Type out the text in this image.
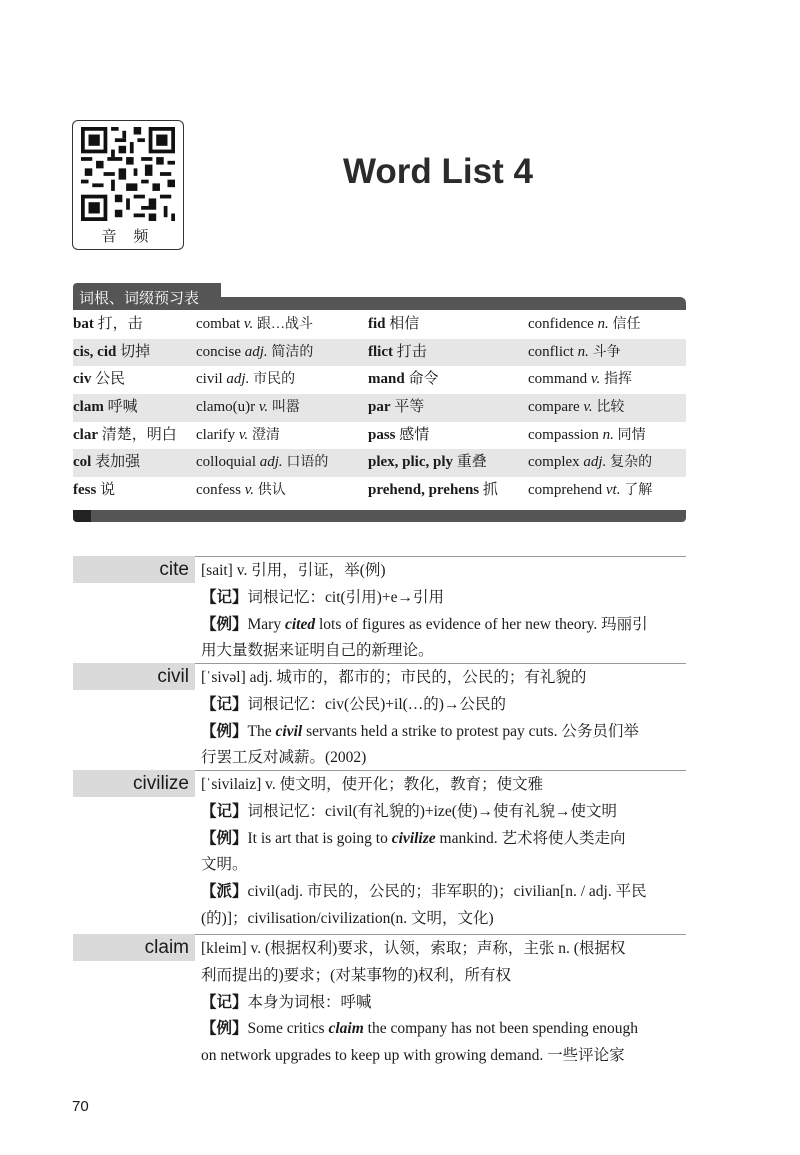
音 频
Word List 4
词根、词缀预习表
bat 打，击	combat v. 跟…战斗	fid 相信	confidence n. 信任
cis, cid 切掉	concise adj. 简洁的	flict 打击	conflict n. 斗争
civ 公民	civil adj. 市民的	mand 命令	command v. 指挥
clam 呼喊	clamo(u)r v. 叫嚣	par 平等	compare v. 比较
clar 清楚，明白 clarify v. 澄清	pass 感情	compassion n. 同情
col 表加强	colloquial adj. 口语的	plex, plic, ply 重叠	complex adj. 复杂的
fess 说	confess v. 供认	prehend, prehens 抓 comprehend vt. 了解
cite [sait] v. 引用，引证，举(例)
【记】词根记忆：cit(引用)+e→引用
【例】Mary cited lots of figures as evidence of her new theory. 玛丽引
用大量数据来证明自己的新理论。
civil [ˈsivəl] adj. 城市的，都市的；市民的，公民的；有礼貌的
【记】词根记忆：civ(公民)+il(…的)→公民的
【例】The civil servants held a strike to protest pay cuts. 公务员们举
行罢工反对减薪。(2002)
civilize [ˈsivilaiz] v. 使文明，使开化；教化，教育；使文雅
【记】词根记忆：civil(有礼貌的)+ize(使)→使有礼貌→使文明
【例】It is art that is going to civilize mankind. 艺术将使人类走向
文明。
【派】civil(adj. 市民的，公民的；非军职的)；civilian[n. / adj. 平民
(的)]；civilisation/civilization(n. 文明，文化)
claim [kleim] v. (根据权利)要求，认领，索取；声称，主张 n. (根据权
利而提出的)要求；(对某事物的)权利，所有权
【记】本身为词根：呼喊
【例】Some critics claim the company has not been spending enough
on network upgrades to keep up with growing demand. 一些评论家
70
